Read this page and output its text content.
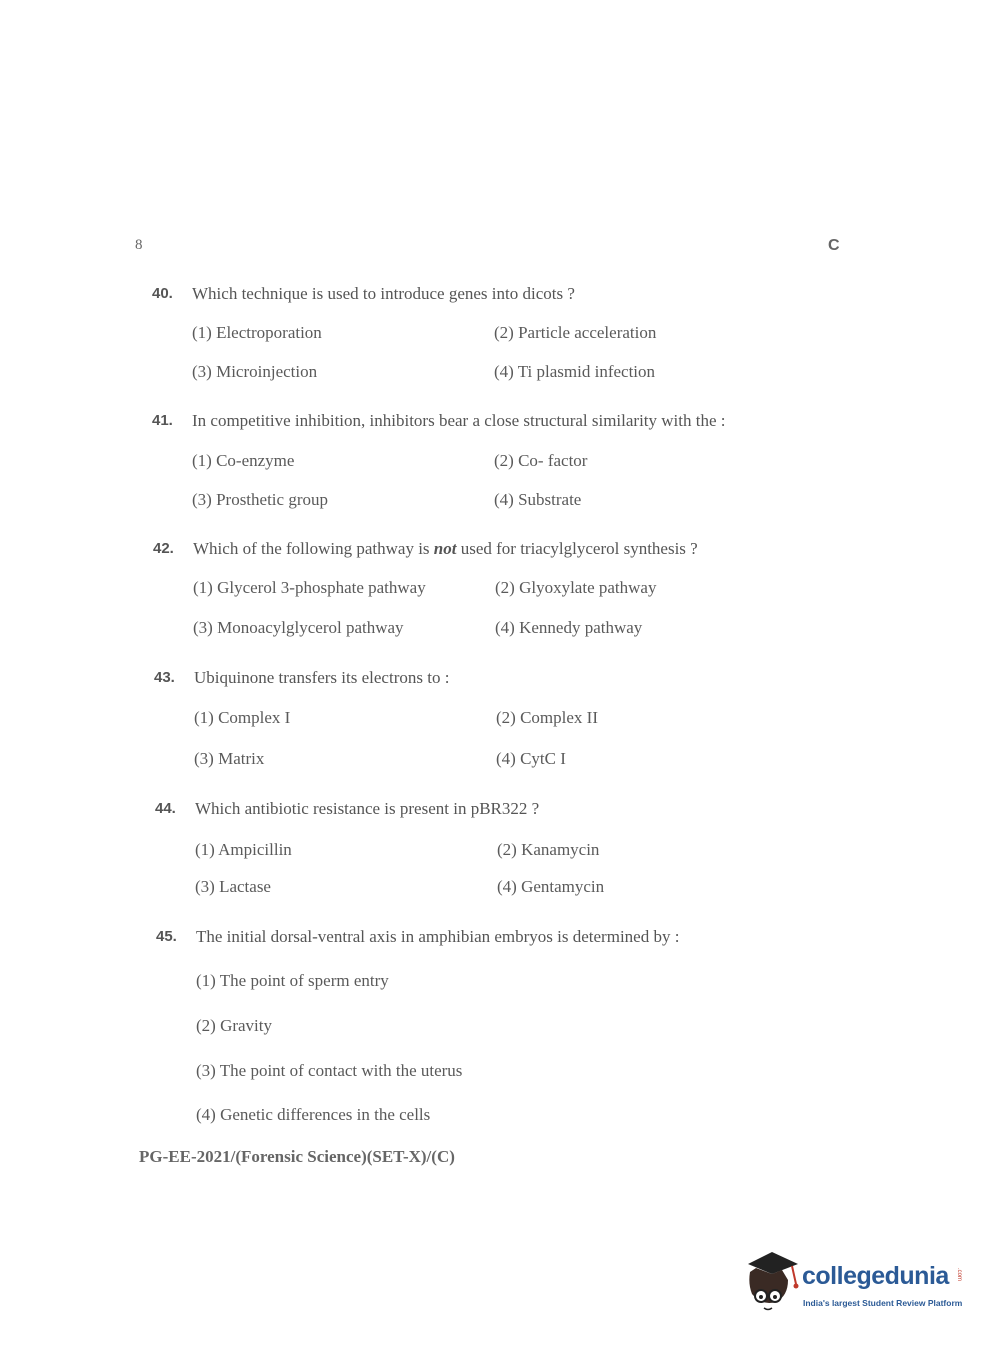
8	C
40. Which technique is used to introduce genes into dicots ?
(1) Electroporation	(2) Particle acceleration
(3) Microinjection	(4) Ti plasmid infection
41. In competitive inhibition, inhibitors bear a close structural similarity with the :
(1) Co-enzyme	(2) Co- factor
(3) Prosthetic group	(4) Substrate
42. Which of the following pathway is not used for triacylglycerol synthesis ?
(1) Glycerol 3-phosphate pathway	(2) Glyoxylate pathway
(3) Monoacylglycerol pathway	(4) Kennedy pathway
43. Ubiquinone transfers its electrons to :
(1) Complex I	(2) Complex II
(3) Matrix	(4) CytC I
44. Which antibiotic resistance is present in pBR322 ?
(1) Ampicillin	(2) Kanamycin
(3) Lactase	(4) Gentamycin
45. The initial dorsal-ventral axis in amphibian embryos is determined by :
(1) The point of sperm entry
(2) Gravity
(3) The point of contact with the uterus
(4) Genetic differences in the cells
PG-EE-2021/(Forensic Science)(SET-X)/(C)
collegedunia .com
India's largest Student Review Platform
